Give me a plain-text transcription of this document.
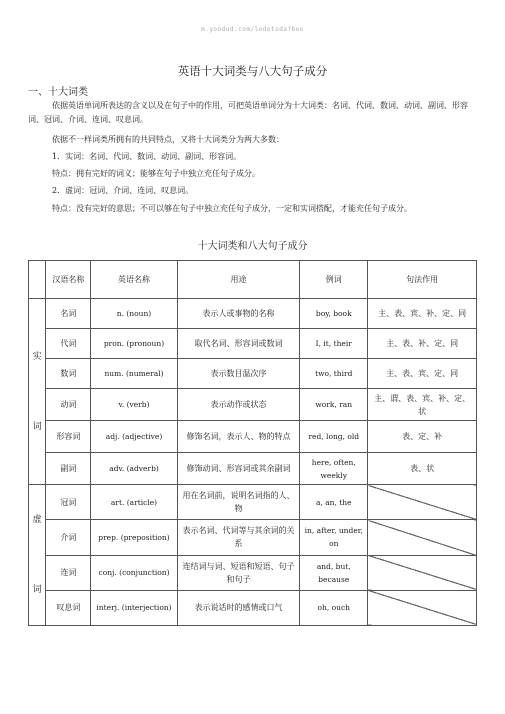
m.yoodud.com/lodotoda?boo
英语十大词类与八大句子成分
一、十大词类
依据英语单词所表达的含义以及在句子中的作用，可把英语单词分为十大词类：名词、代词、数词、动词、副词、形容词、冠词、介词、连词、叹息词。
依据不一样词类所拥有的共同特点，又将十大词类分为两大多数：
1．实词：名词、代词、数词、动词、副词、形容词。
特点：拥有完好的词义；能够在句子中独立充任句子成分。
2．虚词：冠词、介词、连词、叹息词。
特点：没有完好的意思；不可以够在句子中独立充任句子成分，一定和实词搭配，才能充任句子成分。
十大词类和八大句子成分
	汉语名称	英语名称	用途	例词	句法作用

实
词	名词	n. (noun)	表示人或事物的名称	boy, book	主、表、宾、补、定、同
	代词	pron. (pronoun)	取代名词、形容词或数词	I, it, their	主、表、补、定、同
	数词	num. (numeral)	表示数目温次序	two, third	主、表、宾、定、同
	动词	v. (verb)	表示动作或状态	work, ran	主、谓、表、宾、补、定、状
	形容词	adj. (adjective)	修饰名词，表示人、物的特点	red, long, old	表、定、补
	副词	adv. (adverb)	修饰动词、形容词或其余副词	here, often, weekly	表、状

虚
词	冠词	art. (article)	用在名词前，说明名词指的人、物	a, an, the	
	介词	prep. (preposition)	表示名词、代词等与其余词的关系	in, after, under, on	
	连词	conj. (conjunction)	连结词与词、短语和短语、句子和句子	and, but, because	
	叹息词	interj. (interjection)	表示说话时的感情或口气	oh, ouch	
